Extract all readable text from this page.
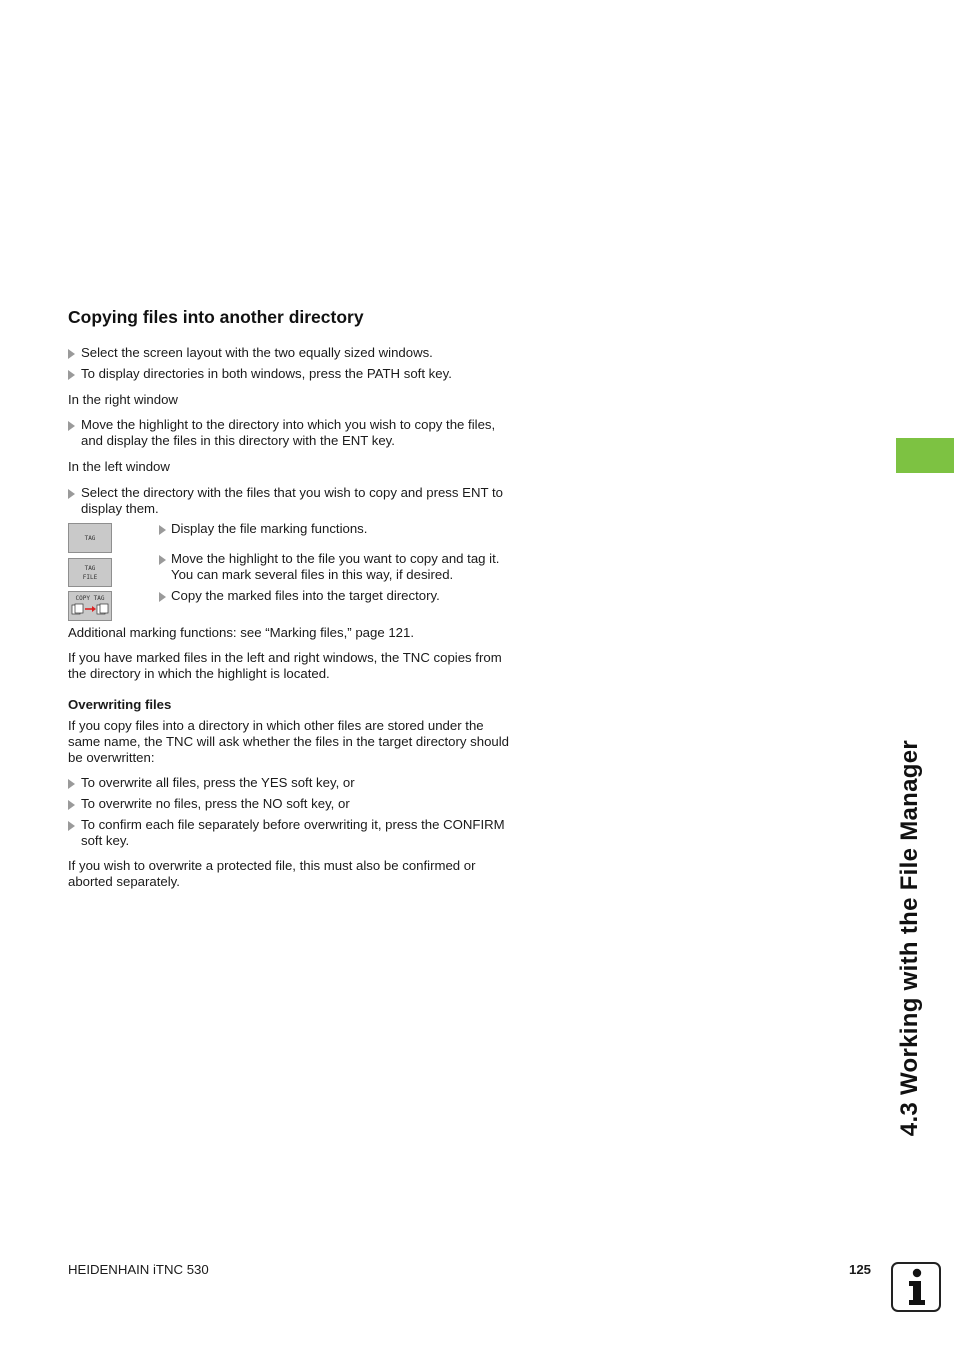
Copying files into another directory
Select the screen layout with the two equally sized windows.
To display directories in both windows, press the PATH soft key.

In the right window

Move the highlight to the directory into which you wish to copy the files, and display the files in this directory with the ENT key.

In the left window

Select the directory with the files that you wish to copy and press ENT to display them.
TAG
TAG
FILE
COPY TAG
Display the file marking functions.
Move the highlight to the file you want to copy and tag it. You can mark several files in this way, if desired.
Copy the marked files into the target directory.

Additional marking functions: see “Marking files,” page 121.

If you have marked files in the left and right windows, the TNC copies from the directory in which the highlight is located.

Overwriting files

If you copy files into a directory in which other files are stored under the same name, the TNC will ask whether the files in the target directory should be overwritten:

To overwrite all files, press the YES soft key, or
To overwrite no files, press the NO soft key, or
To confirm each file separately before overwriting it, press the CONFIRM soft key.

If you wish to overwrite a protected file, this must also be confirmed or aborted separately.	4.3 Working with the File Manager
HEIDENHAIN iTNC 530	125
